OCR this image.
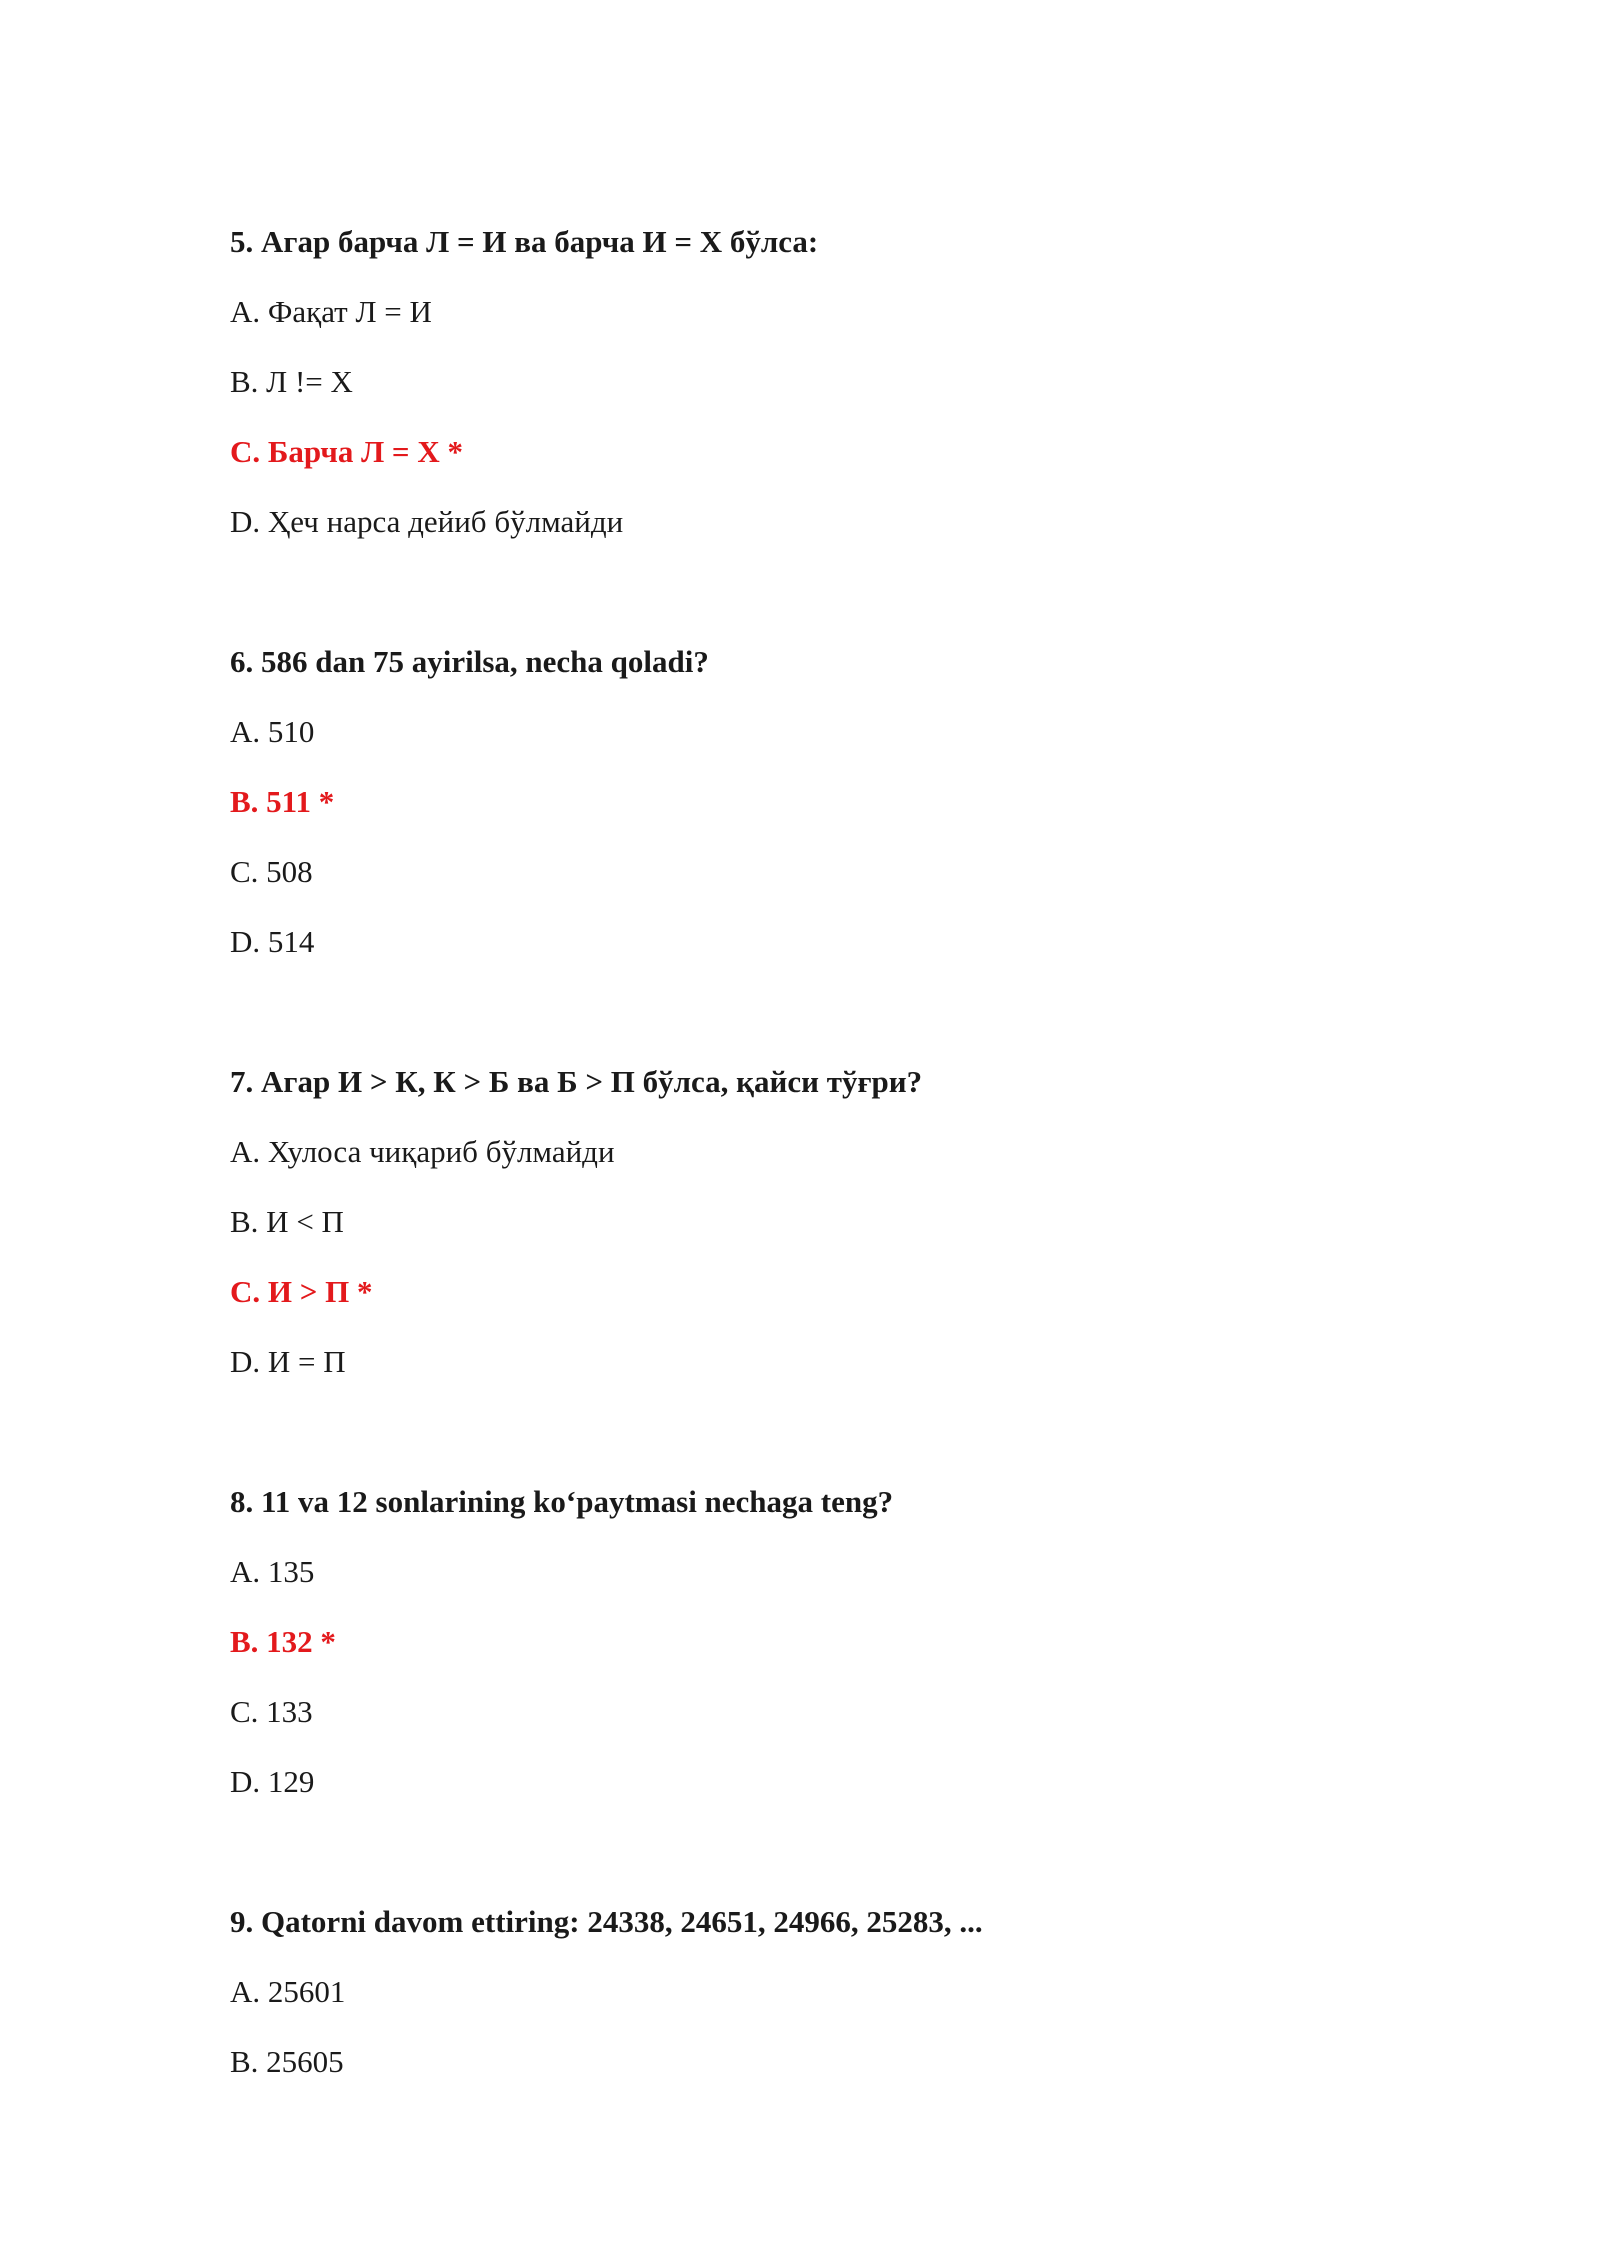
5. Агар барча Л = И ва барча И = Х бўлса:
A. Фақат Л = И
B. Л != Х
C. Барча Л = Х *
D. Ҳеч нарса дейиб бўлмайди
6. 586 dan 75 ayirilsa, necha qoladi?
A. 510
B. 511 *
C. 508
D. 514
7. Агар И > К, К > Б ва Б > П бўлса, қайси тўғри?
A. Хулоса чиқариб бўлмайди
B. И < П
C. И > П *
D. И = П
8. 11 va 12 sonlarining koʻpaytmasi nechaga teng?
A. 135
B. 132 *
C. 133
D. 129
9. Qatorni davom ettiring: 24338, 24651, 24966, 25283, ...
A. 25601
B. 25605
